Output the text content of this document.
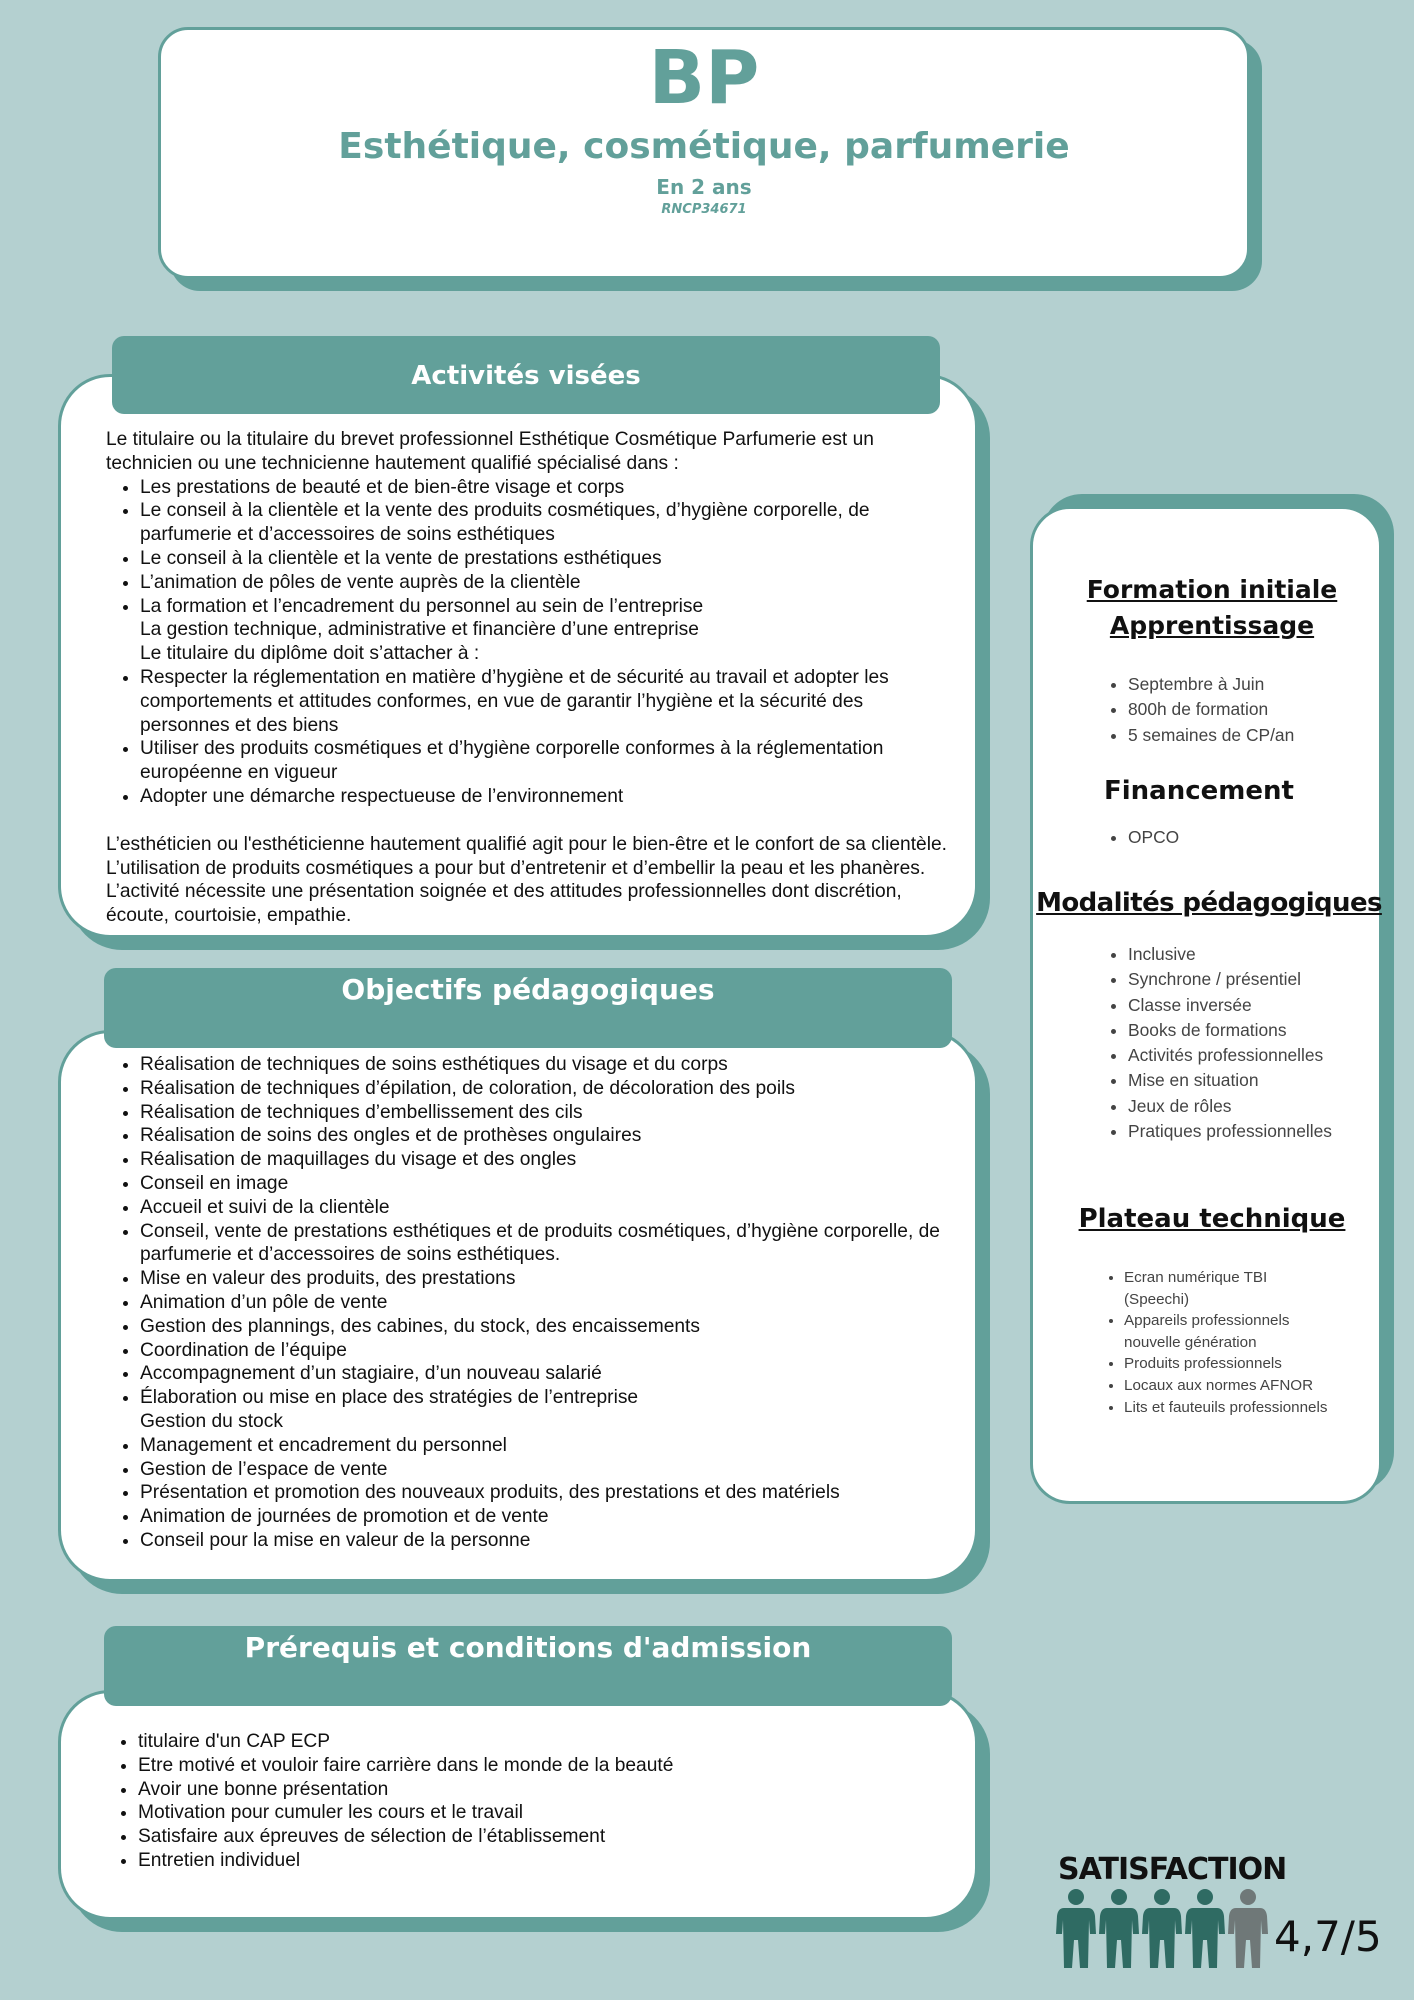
BP
Esthétique, cosmétique, parfumerie
En 2 ans
RNCP34671
Activités visées

Le titulaire ou la titulaire du brevet professionnel Esthétique Cosmétique Parfumerie est un technicien ou une technicienne hautement qualifié spécialisé dans :

• Les prestations de beauté et de bien-être visage et corps
• Le conseil à la clientèle et la vente des produits cosmétiques, d’hygiène corporelle, de parfumerie et d’accessoires de soins esthétiques
• Le conseil à la clientèle et la vente de prestations esthétiques
• L’animation de pôles de vente auprès de la clientèle
• La formation et l’encadrement du personnel au sein de l’entreprise
La gestion technique, administrative et financière d’une entreprise
Le titulaire du diplôme doit s’attacher à :
• Respecter la réglementation en matière d’hygiène et de sécurité au travail et adopter les comportements et attitudes conformes, en vue de garantir l’hygiène et la sécurité des personnes et des biens
• Utiliser des produits cosmétiques et d’hygiène corporelle conformes à la réglementation européenne en vigueur
• Adopter une démarche respectueuse de l’environnement

L’esthéticien ou l'esthéticienne hautement qualifié agit pour le bien-être et le confort de sa clientèle. L’utilisation de produits cosmétiques a pour but d’entretenir et d’embellir la peau et les phanères. L’activité nécessite une présentation soignée et des attitudes professionnelles dont discrétion, écoute, courtoisie, empathie.

Objectifs pédagogiques
• Réalisation de techniques de soins esthétiques du visage et du corps
• Réalisation de techniques d’épilation, de coloration, de décoloration des poils
• Réalisation de techniques d’embellissement des cils
• Réalisation de soins des ongles et de prothèses ongulaires
• Réalisation de maquillages du visage et des ongles
• Conseil en image
• Accueil et suivi de la clientèle
• Conseil, vente de prestations esthétiques et de produits cosmétiques, d’hygiène corporelle, de parfumerie et d’accessoires de soins esthétiques.
• Mise en valeur des produits, des prestations
• Animation d’un pôle de vente
• Gestion des plannings, des cabines, du stock, des encaissements
• Coordination de l’équipe
• Accompagnement d’un stagiaire, d’un nouveau salarié
• Élaboration ou mise en place des stratégies de l’entreprise
Gestion du stock
• Management et encadrement du personnel
• Gestion de l’espace de vente
• Présentation et promotion des nouveaux produits, des prestations et des matériels
• Animation de journées de promotion et de vente
• Conseil pour la mise en valeur de la personne
Prérequis et conditions d'admission
• titulaire d'un CAP ECP
• Etre motivé et vouloir faire carrière dans le monde de la beauté
• Avoir une bonne présentation
• Motivation pour cumuler les cours et le travail
• Satisfaire aux épreuves de sélection de l’établissement
• Entretien individuel
Formation initiale
Apprentissage
• Septembre à Juin
• 800h de formation
• 5 semaines de CP/an
Financement
• OPCO
Modalités pédagogiques
• Inclusive
• Synchrone / présentiel
• Classe inversée
• Books de formations
• Activités professionnelles
• Mise en situation
• Jeux de rôles
• Pratiques professionnelles
Plateau technique
• Ecran numérique TBI (Speechi)
• Appareils professionnels nouvelle génération
• Produits professionnels
• Locaux aux normes AFNOR
• Lits et fauteuils professionnels
SATISFACTION
4,7/5
